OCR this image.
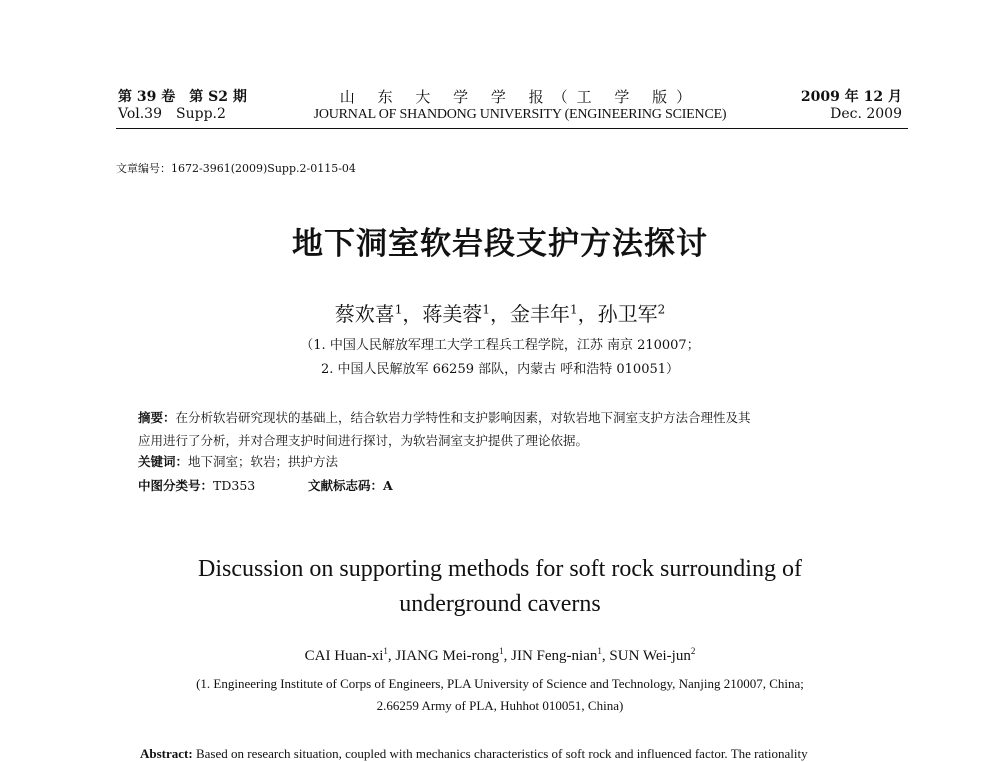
第 39 卷 第 S2 期
Vol.39 Supp.2
山 东 大 学 学 报（工 学 版）
JOURNAL OF SHANDONG UNIVERSITY (ENGINEERING SCIENCE)
2009 年 12 月
Dec. 2009
文章编号：1672-3961(2009)Supp.2-0115-04
地下洞室软岩段支护方法探讨
蔡欢喜$^1$，蒋美蓉$^1$，金丰年$^1$，孙卫军$^2$
（1. 中国人民解放军理工大学工程兵工程学院，江苏 南京 210007；
2. 中国人民解放军 66259 部队，内蒙古 呼和浩特 010051）
摘要：在分析软岩研究现状的基础上，结合软岩力学特性和支护影响因素，对软岩地下洞室支护方法合理性及其
应用进行了分析，并对合理支护时间进行探讨，为软岩洞室支护提供了理论依据。
关键词：地下洞室；软岩；拱护方法
中图分类号：TD353	文献标志码：A
Discussion on supporting methods for soft rock surrounding of
underground caverns
CAI Huan-$xi^1$, JIANG Mei-rong$^1$, JIN Feng-nian$^1$, SUN Wei-jun$^2$
(1. Engineering Institute of Corps of Engineers, PLA University of Science and Technology, Nanjing 210007, China;
2.66259 Army of PLA, Huhhot 010051, China)
Abstract: Based on research situation, coupled with mechanics characteristics of soft rock and influenced factor. The rationality
